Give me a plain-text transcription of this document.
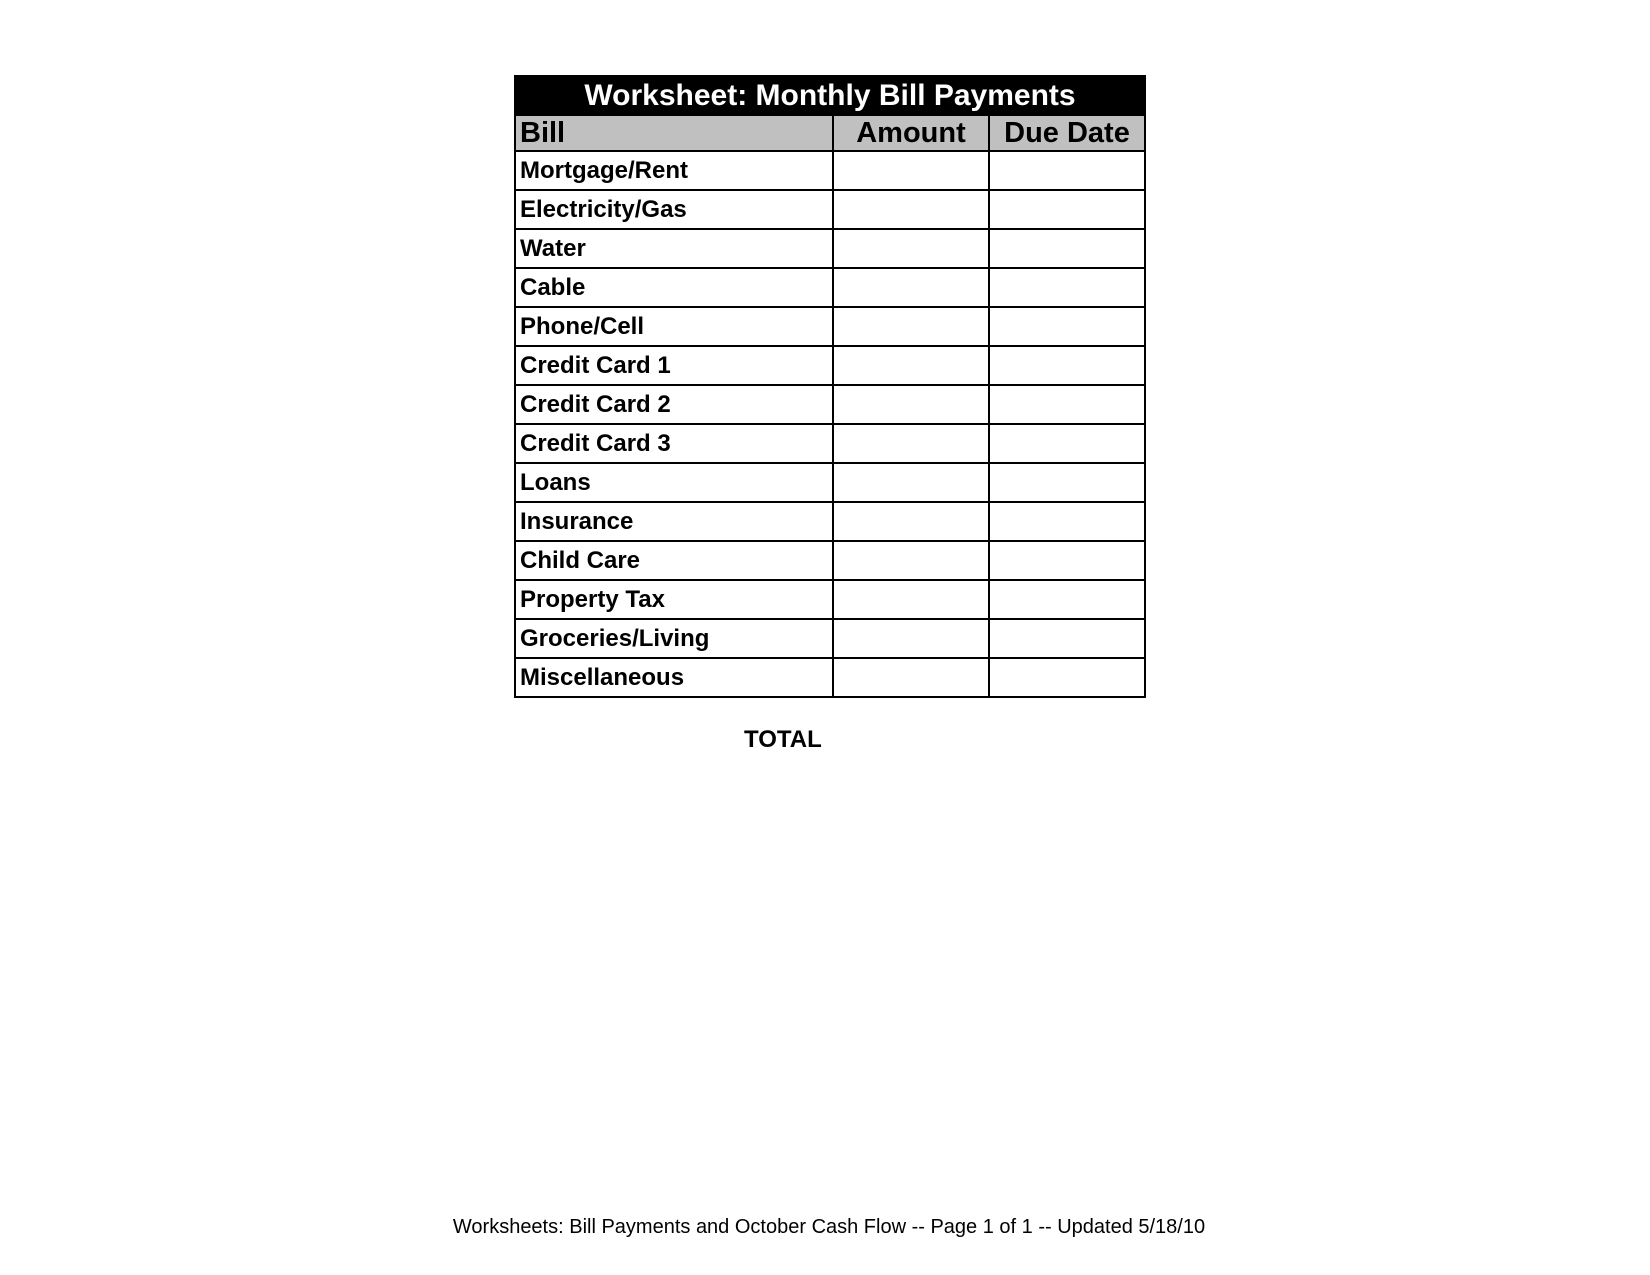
Worksheet: Monthly Bill Payments		
Bill	Amount	Due Date
Mortgage/Rent		
Electricity/Gas		
Water		
Cable		
Phone/Cell		
Credit Card 1		
Credit Card 2		
Credit Card 3		
Loans		
Insurance		
Child Care		
Property Tax		
Groceries/Living		
Miscellaneous		
TOTAL
Worksheets: Bill Payments and October Cash Flow -- Page 1 of 1 -- Updated 5/18/10
